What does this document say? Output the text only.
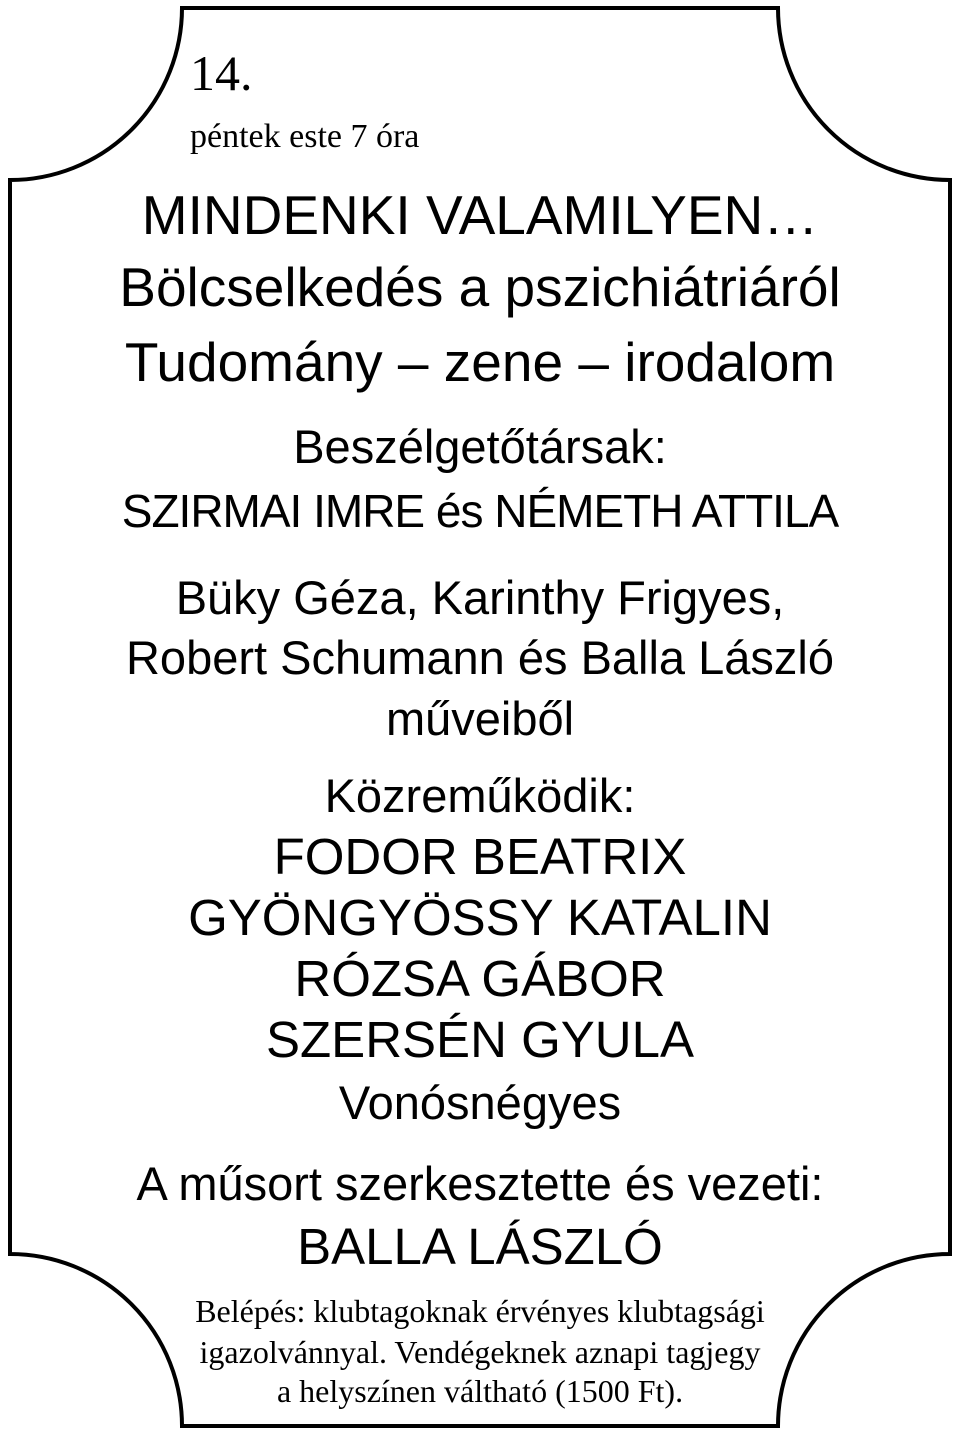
14.
péntek este 7 óra
MINDENKI VALAMILYEN…
Bölcselkedés a pszichiátriáról
Tudomány – zene – irodalom
Beszélgetőtársak:
SZIRMAI IMRE és NÉMETH ATTILA
Büky Géza, Karinthy Frigyes,
Robert Schumann és Balla László
műveiből
Közreműködik:
FODOR BEATRIX
GYÖNGYÖSSY KATALIN
RÓZSA GÁBOR
SZERSÉN GYULA
Vonósnégyes
A műsort szerkesztette és vezeti:
BALLA LÁSZLÓ
Belépés: klubtagoknak érvényes klubtagsági
igazolvánnyal. Vendégeknek aznapi tagjegy
a helyszínen váltható (1500 Ft).
